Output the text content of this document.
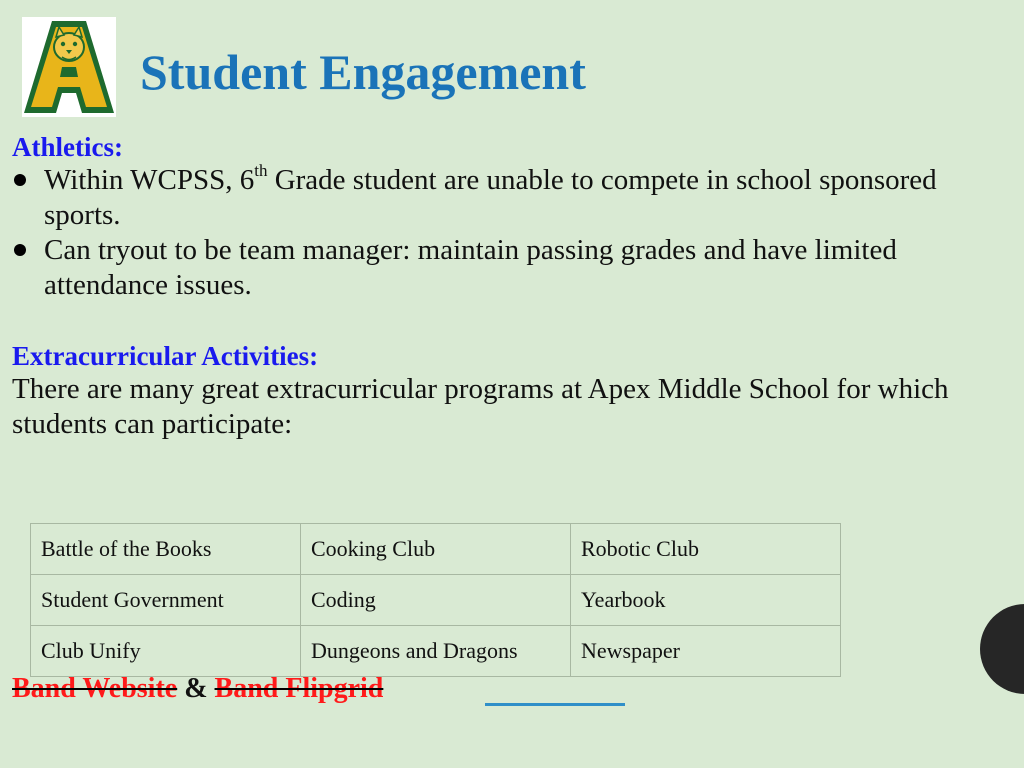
Student Engagement
Athletics:
Within WCPSS, 6th Grade student are unable to compete in school sponsored sports.
Can tryout to be team manager: maintain passing grades and have limited attendance issues.
Extracurricular Activities:
There are many great extracurricular programs at Apex Middle School for which students can participate:
Battle of the Books	Cooking Club	Robotic Club
Student Government	Coding	Yearbook
Club Unify	Dungeons and Dragons	Newspaper
Band Website & Band Flipgrid
